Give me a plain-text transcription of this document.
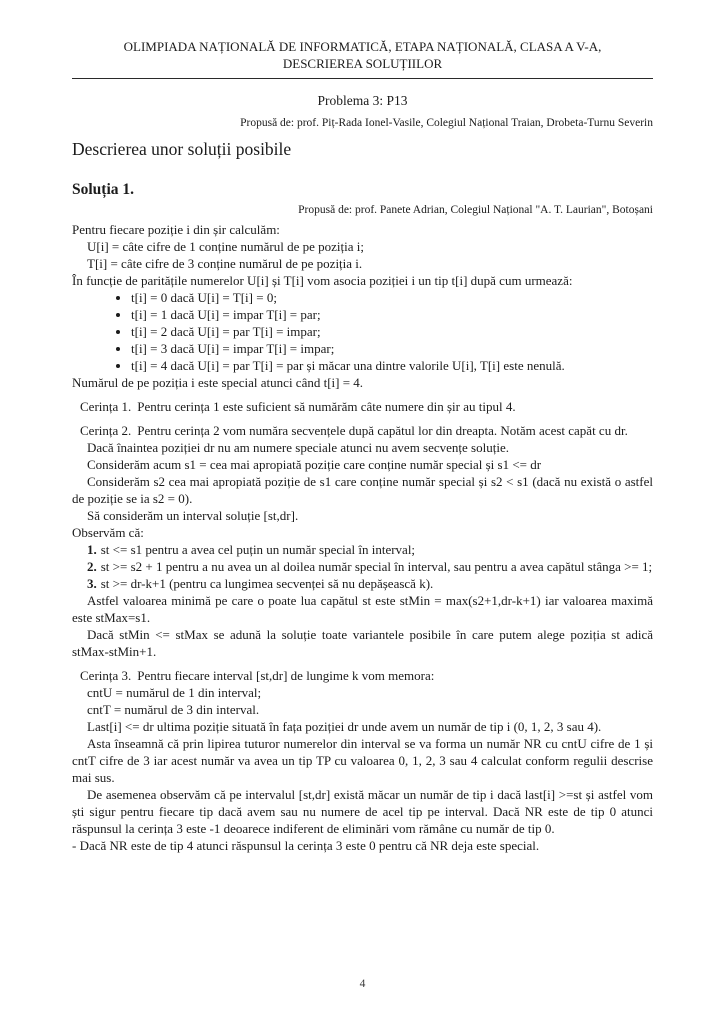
OLIMPIADA NAȚIONALĂ DE INFORMATICĂ, ETAPA NAȚIONALĂ, CLASA A V-A,
DESCRIEREA SOLUȚIILOR
Problema 3: P13
Propusă de: prof. Piț-Rada Ionel-Vasile, Colegiul Național Traian, Drobeta-Turnu Severin
Descrierea unor soluții posibile
Soluția 1.
Propusă de: prof. Panete Adrian, Colegiul Național "A. T. Laurian", Botoșani

Pentru fiecare poziție i din șir calculăm:

U[i] = câte cifre de 1 conține numărul de pe poziția i;

T[i] = câte cifre de 3 conține numărul de pe poziția i.

În funcție de paritățile numerelor U[i] și T[i] vom asocia poziției i un tip t[i] după cum urmează:

• t[i] = 0 dacă U[i] = T[i] = 0;
• t[i] = 1 dacă U[i] = impar T[i] = par;
• t[i] = 2 dacă U[i] = par T[i] = impar;
• t[i] = 3 dacă U[i] = impar T[i] = impar;
• t[i] = 4 dacă U[i] = par T[i] = par și măcar una dintre valorile U[i], T[i] este nenulă.

Numărul de pe poziția i este special atunci când t[i] = 4.

Cerința 1. Pentru cerința 1 este suficient să numărăm câte numere din șir au tipul 4.

Cerința 2. Pentru cerința 2 vom număra secvențele după capătul lor din dreapta. Notăm acest capăt cu dr.

Dacă înaintea poziției dr nu am numere speciale atunci nu avem secvențe soluție.

Considerăm acum s1 = cea mai apropiată poziție care conține număr special și s1 <= dr

Considerăm s2 cea mai apropiată poziție de s1 care conține număr special și s2 < s1 (dacă nu există o astfel de poziție se ia s2 = 0).

Să considerăm un interval soluție [st,dr].

Observăm că:

1. st <= s1 pentru a avea cel puțin un număr special în interval;

2. st >= s2 + 1 pentru a nu avea un al doilea număr special în interval, sau pentru a avea capătul stânga >= 1;

3. st >= dr-k+1 (pentru ca lungimea secvenței să nu depășească k).

Astfel valoarea minimă pe care o poate lua capătul st este stMin = max(s2+1,dr-k+1) iar valoarea maximă este stMax=s1.

Dacă stMin <= stMax se adună la soluție toate variantele posibile în care putem alege poziția st adică stMax-stMin+1.

Cerința 3. Pentru fiecare interval [st,dr] de lungime k vom memora:

cntU = numărul de 1 din interval;

cntT = numărul de 3 din interval.

Last[i] <= dr ultima poziție situată în fața poziției dr unde avem un număr de tip i (0, 1, 2, 3 sau 4).

Asta înseamnă că prin lipirea tuturor numerelor din interval se va forma un număr NR cu cntU cifre de 1 și cntT cifre de 3 iar acest număr va avea un tip TP cu valoarea 0, 1, 2, 3 sau 4 calculat conform regulii descrise mai sus.

De asemenea observăm că pe intervalul [st,dr] există măcar un număr de tip i dacă last[i] >=st și astfel vom ști sigur pentru fiecare tip dacă avem sau nu numere de acel tip pe interval. Dacă NR este de tip 0 atunci răspunsul la cerința 3 este -1 deoarece indiferent de eliminări vom rămâne cu număr de tip 0.

- Dacă NR este de tip 4 atunci răspunsul la cerința 3 este 0 pentru că NR deja este special.

4
